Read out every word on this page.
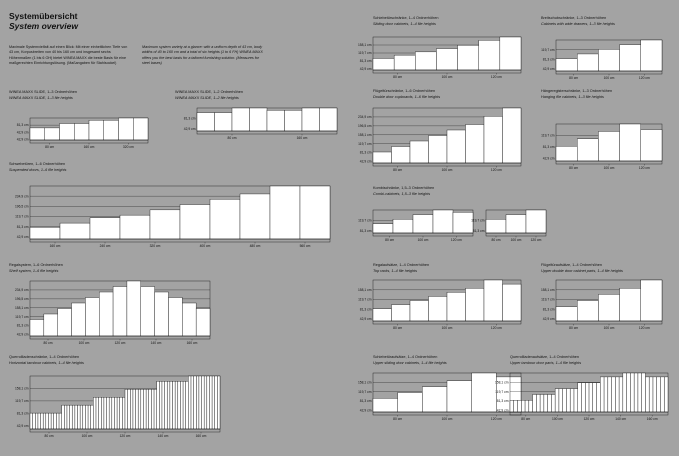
Systemübersicht
System overview
Maximale Systemvielfalt auf einen Blick: Mit einer einheitlichen Tiefe von 43 cm, Korpusbreiten von 40 bis 160 cm und insgesamt sechs Höhenmaßen (1 bis 6 OH) bietet WINEA MAXX die beste Basis für eine maßgerechten Einrichtungslösung. (Maßangaben für Stahlsockel)
Maximum system variety at a glance: with a uniform depth of 43 cm, body widths of 40 to 160 cm and a total of six heights (1 to 6 FH) WINEA MAXX offers you the best basis for a tailored furnishing solution. (Measures for steel bases)
WINEA MAXX SLIDE, 1–3 Ordnerhöhen
WINEA MAXX SLIDE, 1–3 file heights
WINEA MAXX SLIDE, 1–2 Ordnerhöhen
WINEA MAXX SLIDE, 1–2 file heights
Schwebetüren, 1–6 Ordnerhöhen
Suspended doors, 1–6 file heights
Regalsystem, 1–6 Ordnerhöhen
Shelf system, 1–6 file heights
Querrollladenschränke, 1–4 Ordnerhöhen
Horizontal tambour cabinets, 1–4 file heights
Schiebetürschränke, 1–4 Ordnerhöhen
Sliding door cabinets, 1–4 file heights
Breitschubschränke, 1–3 Ordnerhöhen
Cabinets with wide drawers, 1–3 file heights
Flügeltürschränke, 1–6 Ordnerhöhen
Double door cupboards, 1–6 file heights
Hängeregisterschränke, 1–3 Ordnerhöhen
Hanging file cabinets, 1–3 file heights
Kombischränke, 1,5–3 Ordnerhöhen
Combi-cabinets, 1,5–3 file heights
Regalaufsätze, 1–4 Ordnerhöhen
Top racks, 1–4 file heights
Flügeltüraufsätze, 1–4 Ordnerhöhen
Upper double door cabinet parts, 1–4 file heights
Schiebetüraufsätze, 1–4 Ordnerhöhen
Upper sliding door cabinets, 1–4 file heights
Querrollladenaufsätze, 1–4 Ordnerhöhen
Upper tambour door parts, 1–4 file heights
81,3 cm
42,9 cm
42,9 cm
80 cm	160 cm	320 cm
81,3 cm
42,9 cm
80 cm	160 cm
234,9 cm
196,5 cm
119,7 cm
81,3 cm
42,9 cm
160 cm	240 cm	320 cm	400 cm	480 cm	560 cm
234,9 cm
196,5 cm
158,1 cm
119,7 cm
81,3 cm
42,9 cm
80 cm	100 cm	120 cm	140 cm	160 cm
158,1 cm
119,7 cm
81,3 cm
42,9 cm
80 cm	100 cm	120 cm	140 cm	160 cm
158,1 cm
119,7 cm
81,3 cm
42,9 cm
80 cm	100 cm	120 cm
119,7 cm
81,3 cm
42,9 cm
80 cm	100 cm	120 cm
234,9 cm
196,5 cm
158,1 cm
119,7 cm
81,3 cm
42,9 cm
80 cm	100 cm	120 cm
119,7 cm
81,3 cm
42,9 cm
80 cm	100 cm	120 cm
119,7 cm
81,3 cm
80 cm	100 cm	120 cm
119,7 cm
81,3 cm
80 cm	100 cm	120 cm
158,1 cm
119,7 cm
81,3 cm
42,9 cm
80 cm	100 cm	120 cm
158,1 cm
119,7 cm
81,3 cm
42,9 cm
80 cm	100 cm	120 cm
158,1 cm
119,7 cm
81,3 cm
42,9 cm
80 cm	100 cm	120 cm
158,1 cm
119,7 cm
81,3 cm
42,9 cm
80 cm	100 cm	120 cm	140 cm	160 cm
